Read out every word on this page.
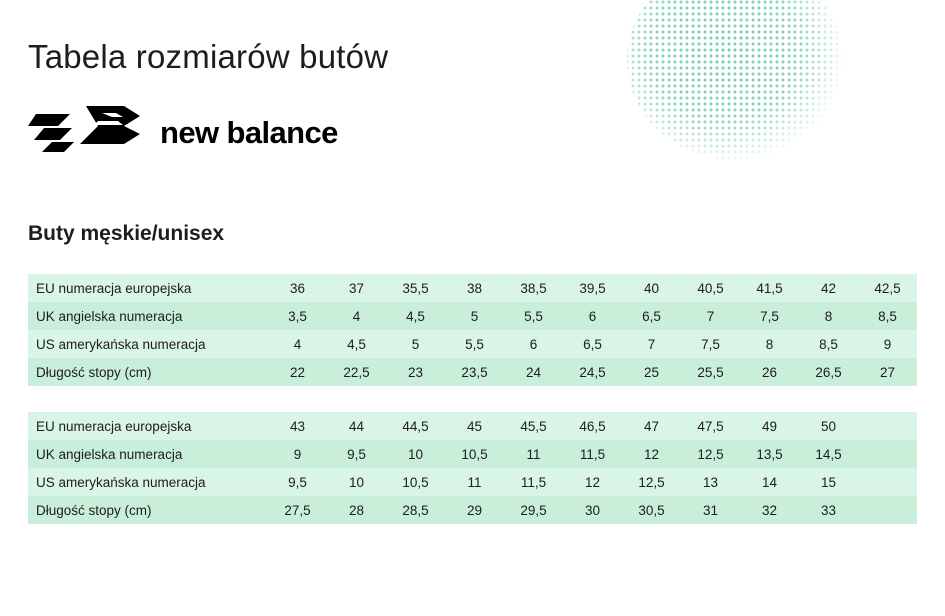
Tabela rozmiarów butów
new balance
Buty męskie/unisex
EU numeracja europejska	36	37	35,5	38	38,5	39,5	40	40,5	41,5	42	42,5
UK angielska numeracja	3,5	4	4,5	5	5,5	6	6,5	7	7,5	8	8,5
US amerykańska numeracja	4	4,5	5	5,5	6	6,5	7	7,5	8	8,5	9
Długość stopy (cm)	22	22,5	23	23,5	24	24,5	25	25,5	26	26,5	27
EU numeracja europejska	43	44	44,5	45	45,5	46,5	47	47,5	49	50	
UK angielska numeracja	9	9,5	10	10,5	11	11,5	12	12,5	13,5	14,5	
US amerykańska numeracja	9,5	10	10,5	11	11,5	12	12,5	13	14	15	
Długość stopy (cm)	27,5	28	28,5	29	29,5	30	30,5	31	32	33	
